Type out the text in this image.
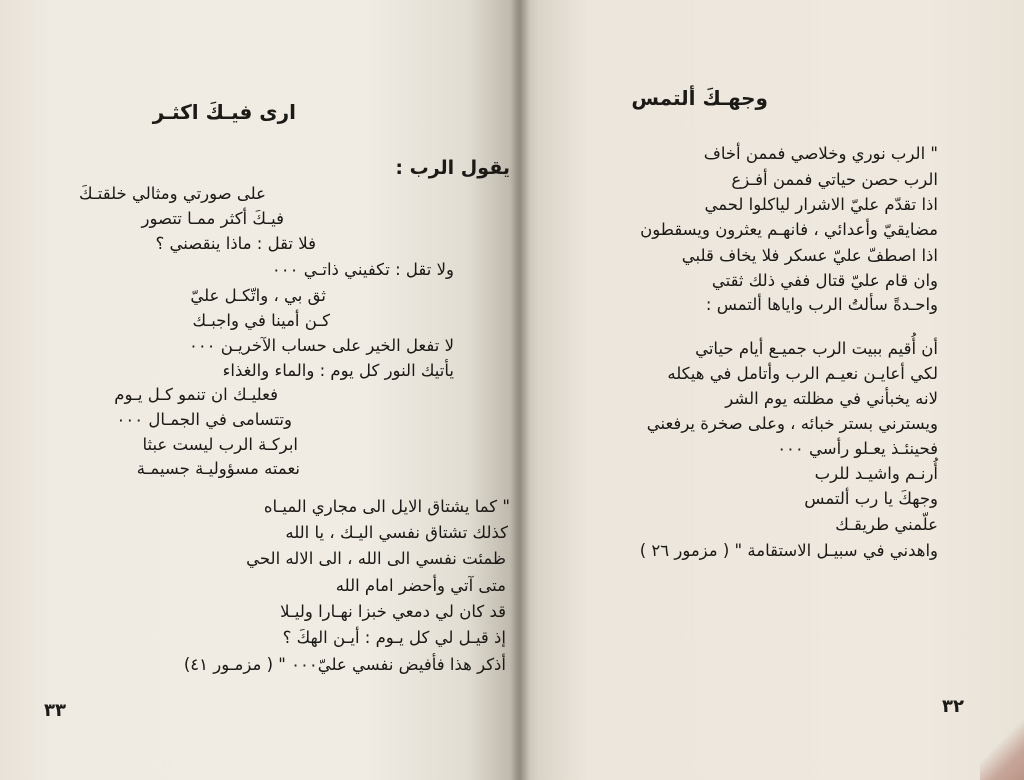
ارى فيـكَ اكثـر
يقول الرب :
على صورتي ومثالي خلقتـكَ
فيـكَ أكثر ممـا تتصور
فلا تقل : ماذا ينقصني ؟
ولا تقل : تكفيني ذاتـي ٠٠٠
ثق بي ، واتّكـل عليّ
كـن أمينا في واجبـك
لا تفعل الخير على حساب الآخريـن ٠٠٠
يأتيك النور كل يوم : والماء والغذاء
فعليـك ان تنمو كـل يـوم
وتتسامى في الجمـال ٠٠٠
ابركـة الرب ليست عبثا
نعمته مسؤوليـة جسيمـة
" كما يشتاق الايل الى مجاري الميـاه
كذلك تشتاق نفسي اليـك ، يا الله
ظمئت نفسي الى الله ، الى الاله الحي
متى آتي وأحضر امام الله
قد كان لي دمعي خبزا نهـارا وليـلا
إذ قيـل لي كل يـوم : أيـن الهكَ ؟
أذكر هذا فأفيض نفسي عليّ٠٠٠ " ( مزمـور ٤١)
٣٣
وجهـكَ ألتمس
" الرب نوري وخلاصي فممن أخاف
الرب حصن حياتي فممن أفـزع
اذا تقدّم عليّ الاشرار لياكلوا لحمي
مضايقيّ وأعدائي ، فانهـم يعثرون ويسقطون
اذا اصطفّ عليّ عسكر فلا يخاف قلبي
وان قام عليّ قتال ففي ذلك ثقتي
واحـدةً سألتُ الرب واياها ألتمس :
أن أُقيم ببيت الرب جميـع أيام حياتي
لكي أعايـن نعيـم الرب وأتامل في هيكله
لانه يخبأني في مظلته يوم الشر
ويسترني بستر خبائه ، وعلى صخرة يرفعني
فحينئـذ يعـلو رأسي ٠٠٠
أُرنـم واشيـد للرب
وجهكَ يا رب ألتمس
علّمني طريقـك
واهدني في سبيـل الاستقامة " ( مزمور ٢٦ )
٣٢
